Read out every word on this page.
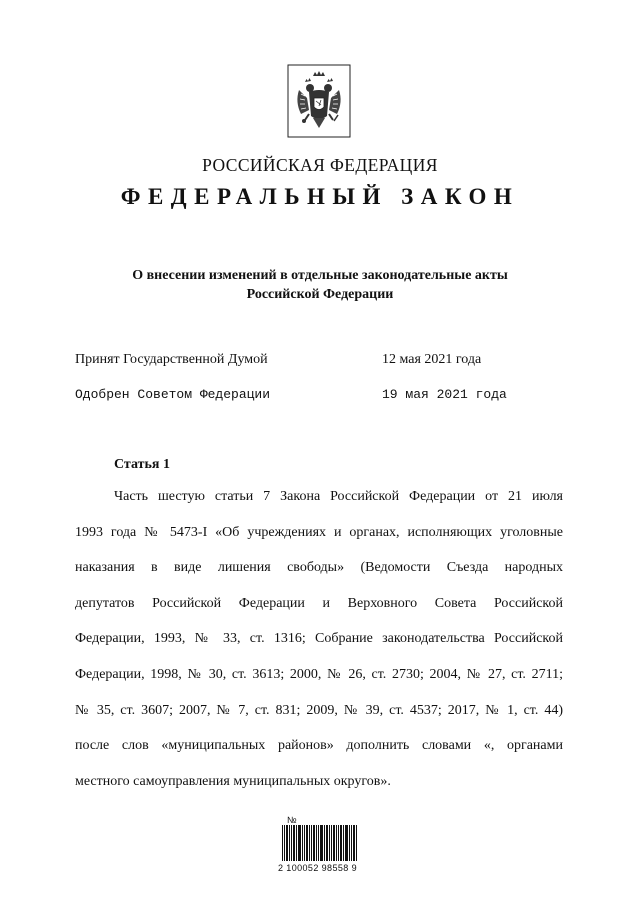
РОССИЙСКАЯ ФЕДЕРАЦИЯ
ФЕДЕРАЛЬНЫЙ ЗАКОН
О внесении изменений в отдельные законодательные акты
Российской Федерации
Принят Государственной Думой	12 мая 2021 года
Одобрен Советом Федерации	19 мая 2021 года
Статья 1
Часть шестую статьи 7 Закона Российской Федерации от 21 июля
1993 года № 5473-I «Об учреждениях и органах, исполняющих уголовные
наказания в виде лишения свободы» (Ведомости Съезда народных
депутатов Российской Федерации и Верховного Совета Российской
Федерации, 1993, № 33, ст. 1316; Собрание законодательства Российской
Федерации, 1998, № 30, ст. 3613; 2000, № 26, ст. 2730; 2004, № 27, ст. 2711;
№ 35, ст. 3607; 2007, № 7, ст. 831; 2009, № 39, ст. 4537; 2017, № 1, ст. 44)
после слов «муниципальных районов» дополнить словами «, органами
местного самоуправления муниципальных округов».
№
2 100052 98558 9
